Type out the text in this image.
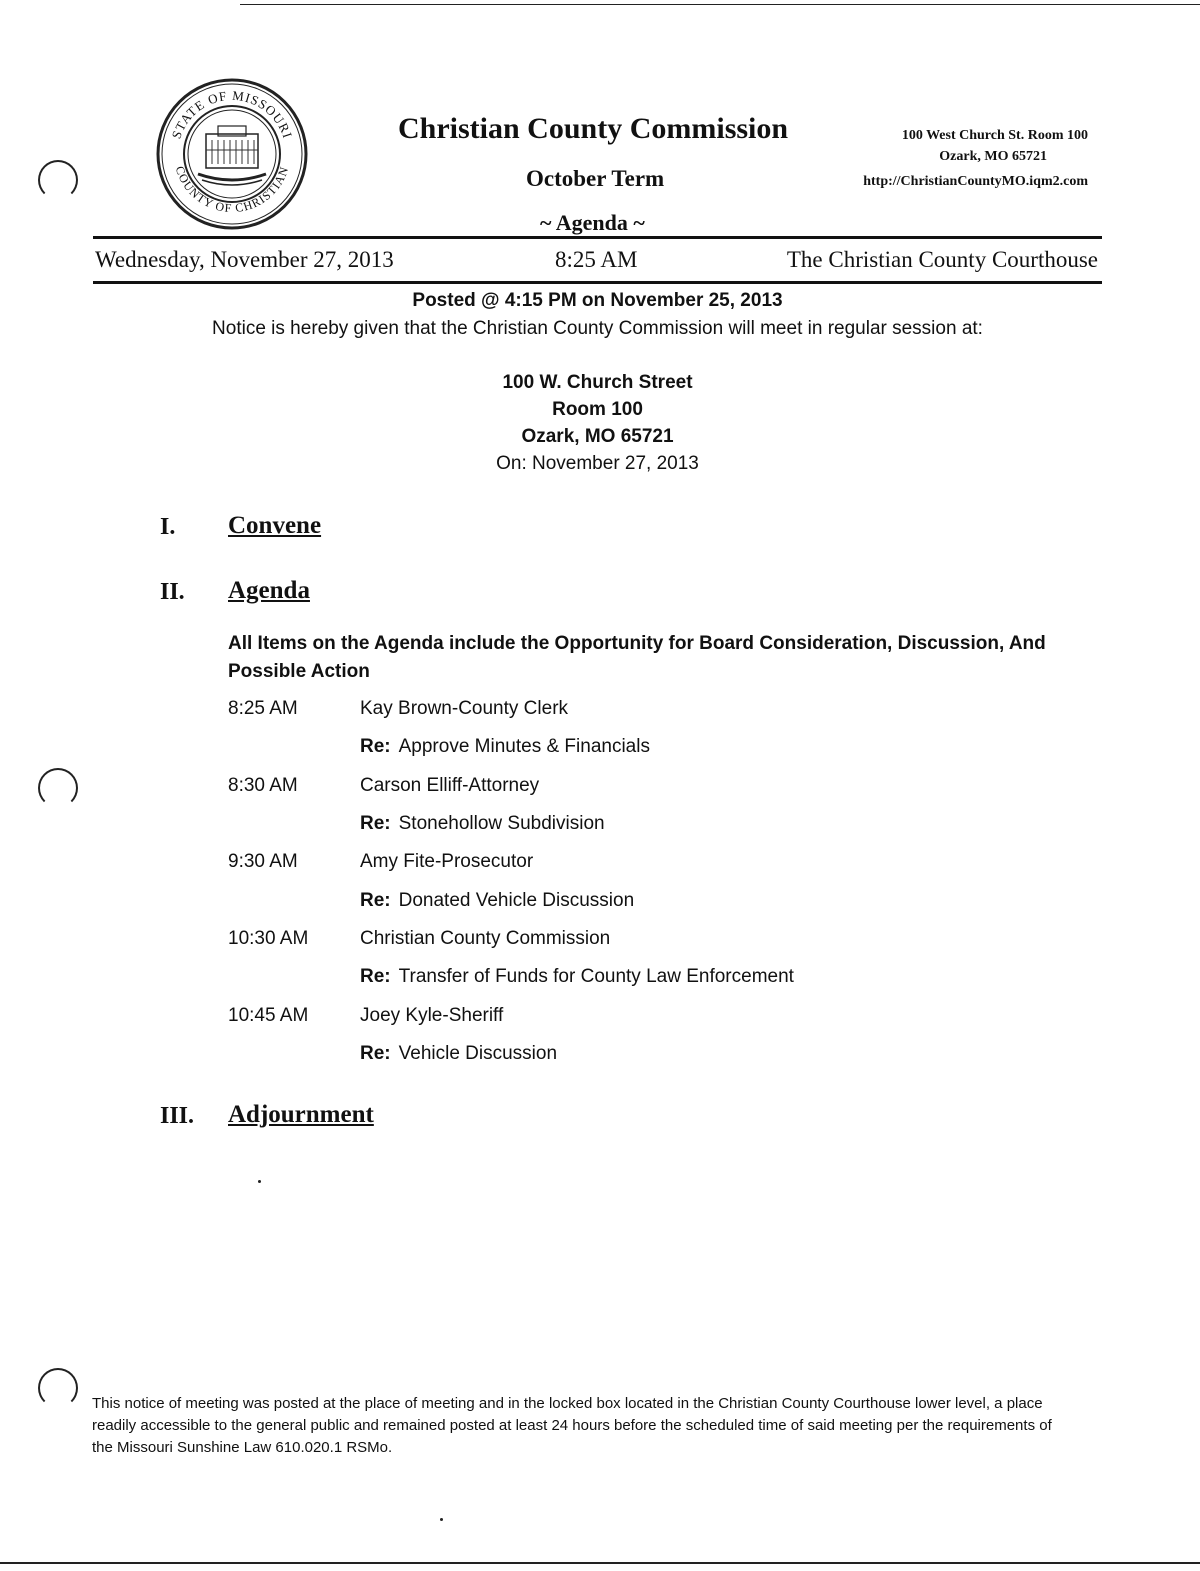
STATE OF MISSOURI
COUNTY OF CHRISTIAN
Christian County Commission
October Term
~ Agenda ~
100 West Church St. Room 100
Ozark, MO 65721
http://ChristianCountyMO.iqm2.com
Wednesday, November 27, 2013	8:25 AM	The Christian County Courthouse
Posted @ 4:15 PM on November 25, 2013
Notice is hereby given that the Christian County Commission will meet in regular session at:
100 W. Church Street
Room 100
Ozark, MO 65721
On: November 27, 2013
I. Convene
II. Agenda
All Items on the Agenda include the Opportunity for Board Consideration, Discussion, And Possible Action
8:25 AM	Kay Brown-County Clerk
Re: Approve Minutes & Financials
8:30 AM	Carson Elliff-Attorney
Re: Stonehollow Subdivision
9:30 AM	Amy Fite-Prosecutor
Re: Donated Vehicle Discussion
10:30 AM	Christian County Commission
Re: Transfer of Funds for County Law Enforcement
10:45 AM	Joey Kyle-Sheriff
Re: Vehicle Discussion
III. Adjournment
This notice of meeting was posted at the place of meeting and in the locked box located in the Christian County Courthouse lower level, a place readily accessible to the general public and remained posted at least 24 hours before the scheduled time of said meeting per the requirements of the Missouri Sunshine Law 610.020.1 RSMo.
